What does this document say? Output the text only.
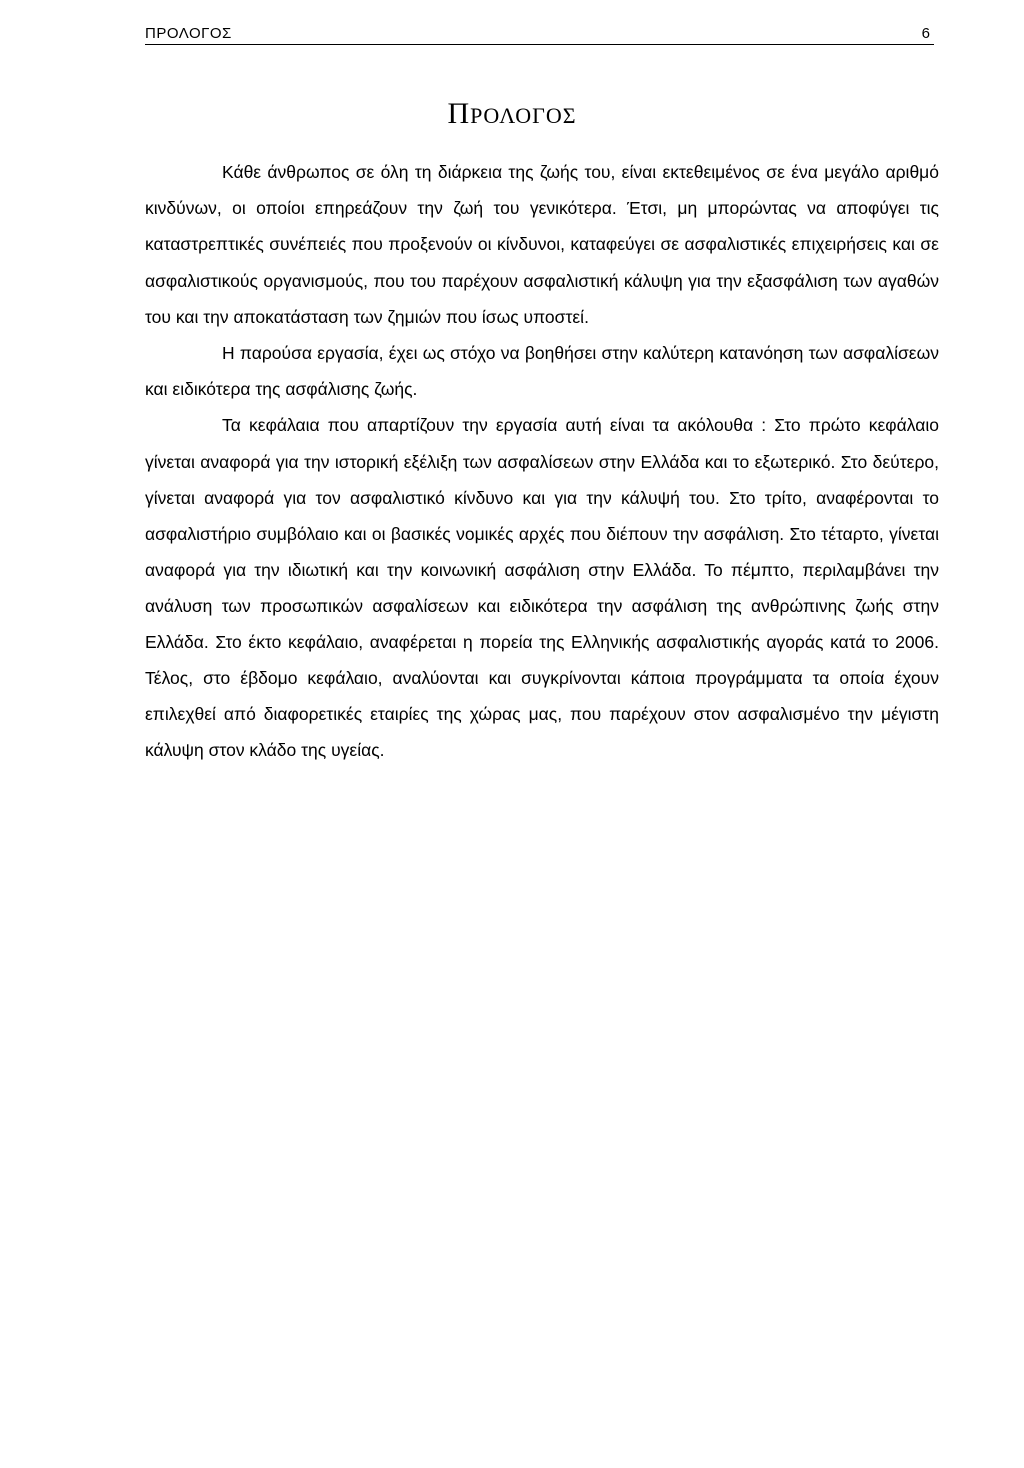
ΠΡΟΛΟΓΟΣ	6
ΠΡΟΛΟΓΟΣ

Κάθε άνθρωπος σε όλη τη διάρκεια της ζωής του, είναι εκτεθειμένος σε ένα μεγάλο αριθμό κινδύνων, οι οποίοι επηρεάζουν την ζωή του γενικότερα. Έτσι, μη μπορώντας να αποφύγει τις καταστρεπτικές συνέπειές που προξενούν οι κίνδυνοι, καταφεύγει σε ασφαλιστικές επιχειρήσεις και σε ασφαλιστικούς οργανισμούς, που του παρέχουν ασφαλιστική κάλυψη για την εξασφάλιση των αγαθών του και την αποκατάσταση των ζημιών που ίσως υποστεί.

Η παρούσα εργασία, έχει ως στόχο να βοηθήσει στην καλύτερη κατανόηση των ασφαλίσεων και ειδικότερα της ασφάλισης ζωής.

Τα κεφάλαια που απαρτίζουν την εργασία αυτή είναι τα ακόλουθα : Στο πρώτο κεφάλαιο γίνεται αναφορά για την ιστορική εξέλιξη των ασφαλίσεων στην Ελλάδα και το εξωτερικό. Στο δεύτερο, γίνεται αναφορά για τον ασφαλιστικό κίνδυνο και για την κάλυψή του. Στο τρίτο, αναφέρονται το ασφαλιστήριο συμβόλαιο και οι βασικές νομικές αρχές που διέπουν την ασφάλιση. Στο τέταρτο, γίνεται αναφορά για την ιδιωτική και την κοινωνική ασφάλιση στην Ελλάδα. Το πέμπτο, περιλαμβάνει την ανάλυση των προσωπικών ασφαλίσεων και ειδικότερα την ασφάλιση της ανθρώπινης ζωής στην Ελλάδα. Στο έκτο κεφάλαιο, αναφέρεται η πορεία της Ελληνικής ασφαλιστικής αγοράς κατά το 2006. Τέλος, στο έβδομο κεφάλαιο, αναλύονται και συγκρίνονται κάποια προγράμματα τα οποία έχουν επιλεχθεί από διαφορετικές εταιρίες της χώρας μας, που παρέχουν στον ασφαλισμένο την μέγιστη κάλυψη στον κλάδο της υγείας.
